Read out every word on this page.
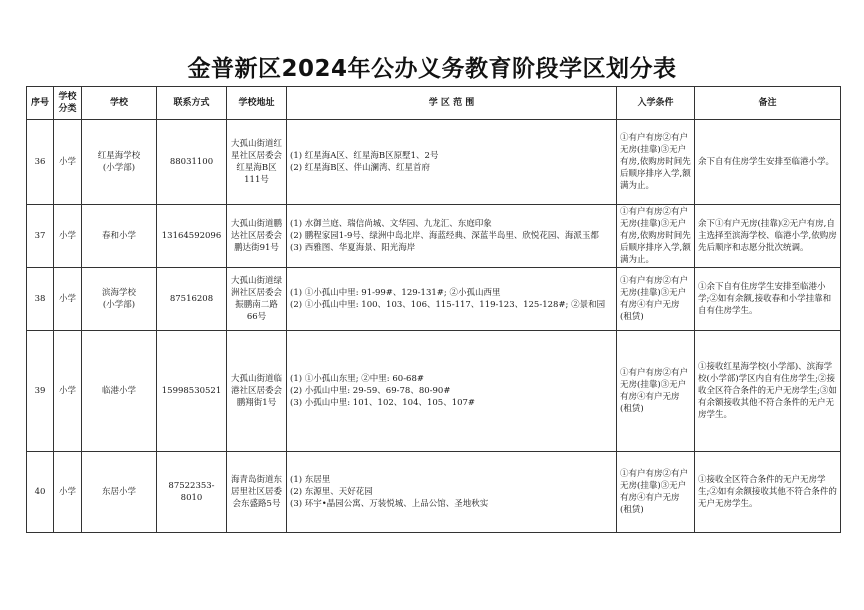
金普新区2024年公办义务教育阶段学区划分表
序号	学校分类	学校	联系方式	学校地址	学 区 范 围	入学条件	备注
36	小学	红星海学校
(小学部)	88031100	大孤山街道红星社区居委会红星海B区111号	(1) 红星海A区、红星海B区原墅1、2号
(2) 红星海B区、伴山澜湾、红星首府	①有户有房②有户无房(挂靠)③无户有房,依购房时间先后顺序排序入学,额满为止。	余下自有住房学生安排至临港小学。
37	小学	春和小学	13164592096	大孤山街道鹏达社区居委会鹏达街91号	(1) 水御兰庭、瑞信尚城、文华园、九龙汇、东庭印象
(2) 鹏程家园1-9号、绿洲中岛北岸、海蓝经典、深蓝半岛里、欣悦花园、海派玉都
(3) 西雅图、华夏海景、阳光海岸	①有户有房②有户无房(挂靠)③无户有房,依购房时间先后顺序排序入学,额满为止。	余下①有户无房(挂靠)②无户有房,自主选择至滨海学校、临港小学,依购房先后顺序和志愿分批次统调。
38	小学	滨海学校
(小学部)	87516208	大孤山街道绿洲社区居委会振鹏南二路66号	(1) ①小孤山中里: 91-99#、129-131#; ②小孤山西里
(2) ①小孤山中里: 100、103、106、115-117、119-123、125-128#; ②景和园	①有户有房②有户无房(挂靠)③无户有房④有户无房(租赁)	①余下自有住房学生安排至临港小学;②如有余额,接收春和小学挂靠和自有住房学生。
39	小学	临港小学	15998530521	大孤山街道临港社区居委会鹏翔街1号	(1) ①小孤山东里; ②中里: 60-68#
(2) 小孤山中里: 29-59、69-78、80-90#
(3) 小孤山中里: 101、102、104、105、107#	①有户有房②有户无房(挂靠)③无户有房④有户无房(租赁)	①接收红星海学校(小学部)、滨海学校(小学部)学区内自有住房学生;②接收全区符合条件的无户无房学生;③如有余额接收其他不符合条件的无户无房学生。
40	小学	东居小学	87522353-8010	海青岛街道东居里社区居委会东盛路5号	(1) 东居里
(2) 东源里、天好花园
(3) 环宇•晶园公寓、万装悦城、上品公馆、圣地秋实	①有户有房②有户无房(挂靠)③无户有房④有户无房(租赁)	①接收全区符合条件的无户无房学生;②如有余额接收其他不符合条件的无户无房学生。
